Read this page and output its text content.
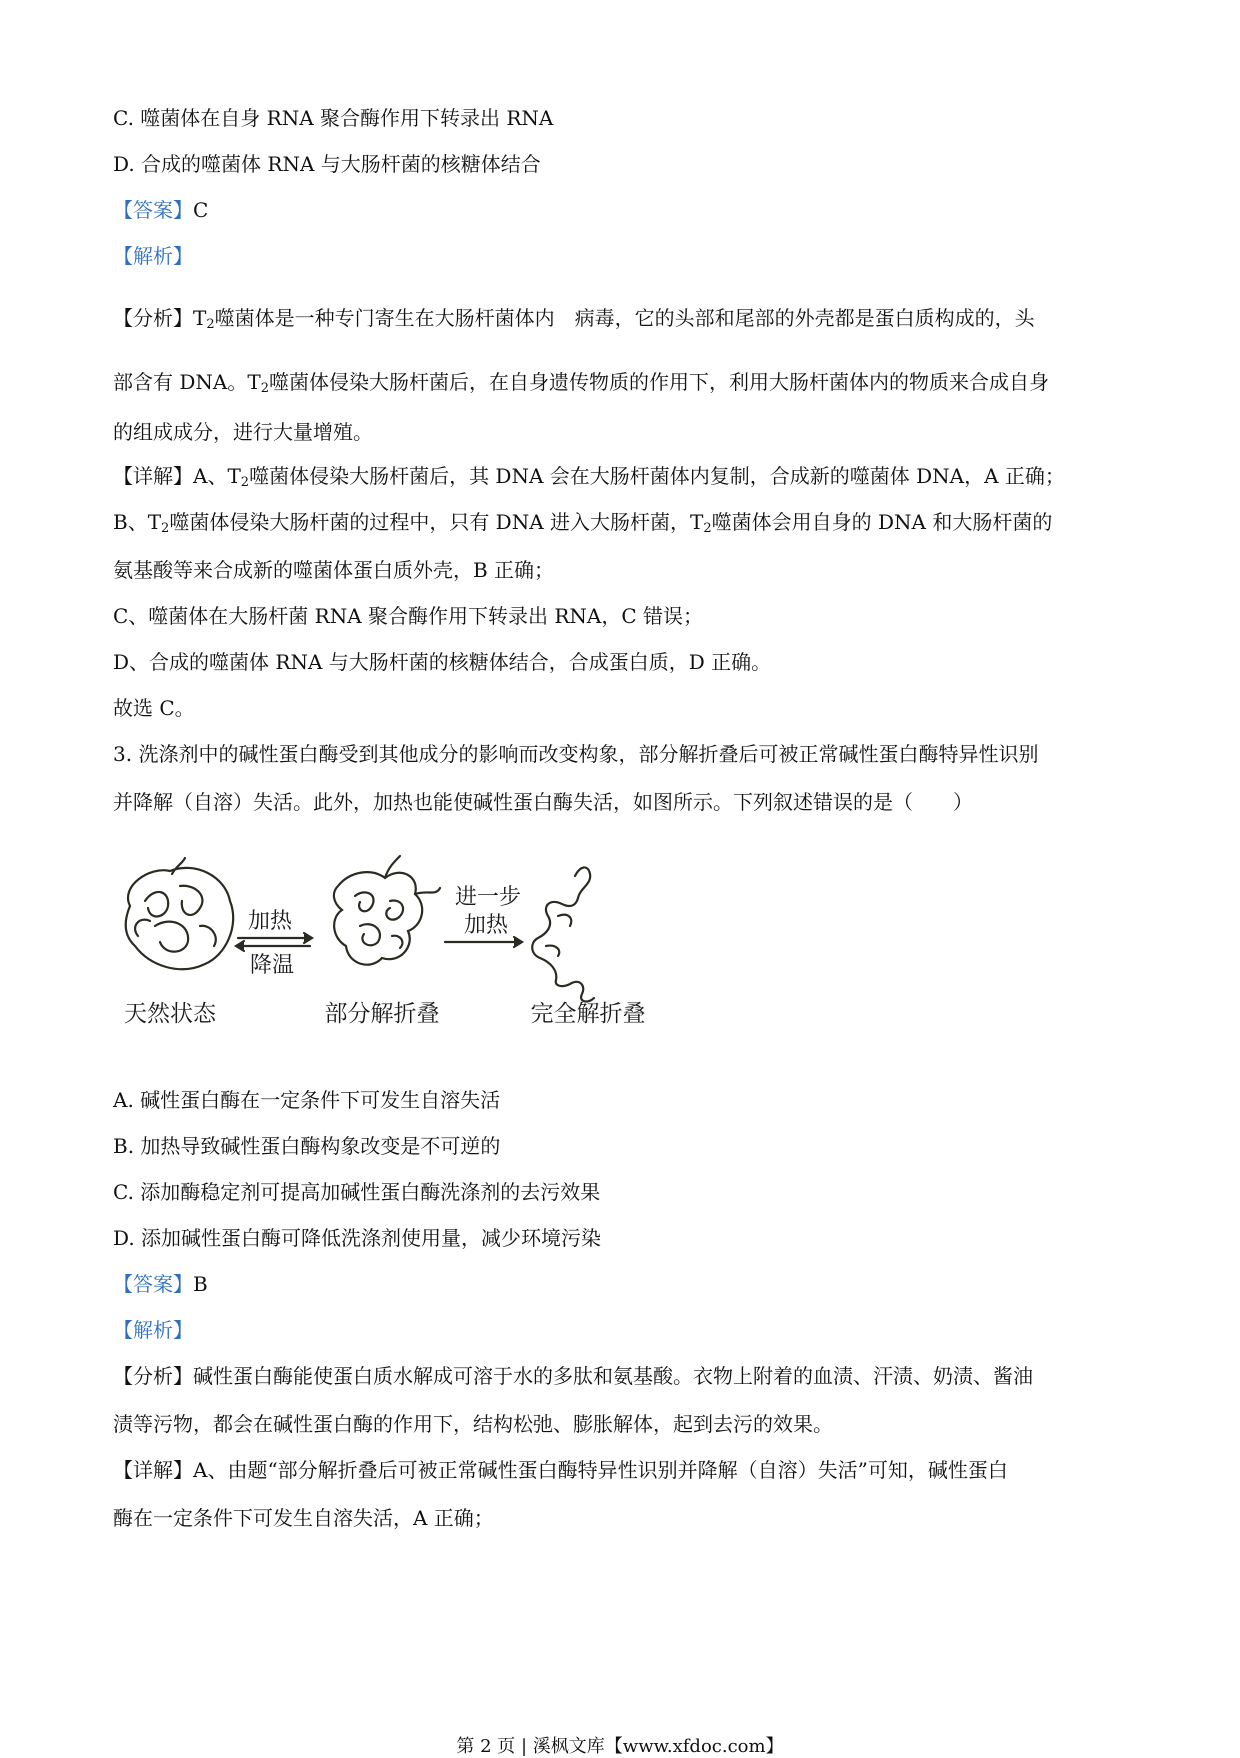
C. 噬菌体在自身 RNA 聚合酶作用下转录出 RNA
D. 合成的噬菌体 RNA 与大肠杆菌的核糖体结合
【答案】C
【解析】
【分析】$T_2$噬菌体是一种专门寄生在大肠杆菌体内　病毒，它的头部和尾部的外壳都是蛋白质构成的，头
部含有 DNA。$T_2$噬菌体侵染大肠杆菌后，在自身遗传物质的作用下，利用大肠杆菌体内的物质来合成自身
的组成成分，进行大量增殖。
【详解】A、$T_2$噬菌体侵染大肠杆菌后，其 DNA 会在大肠杆菌体内复制，合成新的噬菌体 DNA，A 正确；
B、$T_2$噬菌体侵染大肠杆菌的过程中，只有 DNA 进入大肠杆菌，$T_2$噬菌体会用自身的 DNA 和大肠杆菌的
氨基酸等来合成新的噬菌体蛋白质外壳，B 正确；
C、噬菌体在大肠杆菌 RNA 聚合酶作用下转录出 RNA，C 错误；
D、合成的噬菌体 RNA 与大肠杆菌的核糖体结合，合成蛋白质，D 正确。
故选 C。
3. 洗涤剂中的碱性蛋白酶受到其他成分的影响而改变构象，部分解折叠后可被正常碱性蛋白酶特异性识别
并降解（自溶）失活。此外，加热也能使碱性蛋白酶失活，如图所示。下列叙述错误的是（　　）
加热
降温
进一步
加热
天然状态	部分解折叠	完全解折叠
A. 碱性蛋白酶在一定条件下可发生自溶失活
B. 加热导致碱性蛋白酶构象改变是不可逆的
C. 添加酶稳定剂可提高加碱性蛋白酶洗涤剂的去污效果
D. 添加碱性蛋白酶可降低洗涤剂使用量，减少环境污染
【答案】B
【解析】
【分析】碱性蛋白酶能使蛋白质水解成可溶于水的多肽和氨基酸。衣物上附着的血渍、汗渍、奶渍、酱油
渍等污物，都会在碱性蛋白酶的作用下，结构松弛、膨胀解体，起到去污的效果。
【详解】A、由题“部分解折叠后可被正常碱性蛋白酶特异性识别并降解（自溶）失活”可知，碱性蛋白
酶在一定条件下可发生自溶失活，A 正确；
第 2 页 | 溪枫文库【www.xfdoc.com】
